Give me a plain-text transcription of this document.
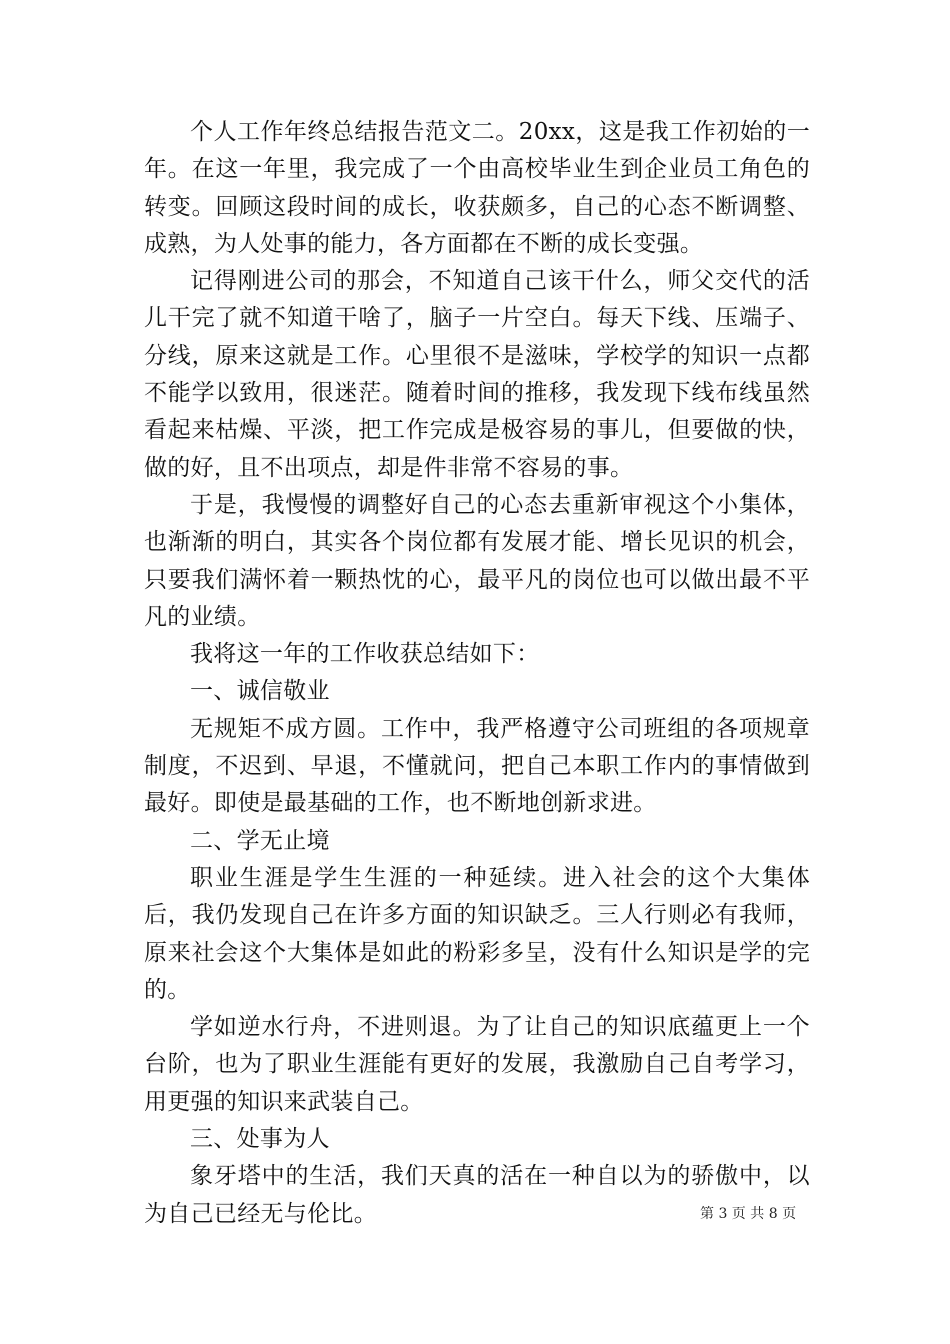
个人工作年终总结报告范文二。20xx，这是我工作初始的一年。在这一年里，我完成了一个由高校毕业生到企业员工角色的转变。回顾这段时间的成长，收获颇多，自己的心态不断调整、成熟，为人处事的能力，各方面都在不断的成长变强。

记得刚进公司的那会，不知道自己该干什么，师父交代的活儿干完了就不知道干啥了，脑子一片空白。每天下线、压端子、分线，原来这就是工作。心里很不是滋味，学校学的知识一点都不能学以致用，很迷茫。随着时间的推移，我发现下线布线虽然看起来枯燥、平淡，把工作完成是极容易的事儿，但要做的快，做的好，且不出项点，却是件非常不容易的事。

于是，我慢慢的调整好自己的心态去重新审视这个小集体，也渐渐的明白，其实各个岗位都有发展才能、增长见识的机会，只要我们满怀着一颗热忱的心，最平凡的岗位也可以做出最不平凡的业绩。

我将这一年的工作收获总结如下：

一、诚信敬业

无规矩不成方圆。工作中，我严格遵守公司班组的各项规章制度，不迟到、早退，不懂就问，把自己本职工作内的事情做到最好。即使是最基础的工作，也不断地创新求进。

二、学无止境

职业生涯是学生生涯的一种延续。进入社会的这个大集体后，我仍发现自己在许多方面的知识缺乏。三人行则必有我师，原来社会这个大集体是如此的粉彩多呈，没有什么知识是学的完的。

学如逆水行舟，不进则退。为了让自己的知识底蕴更上一个台阶，也为了职业生涯能有更好的发展，我激励自己自考学习，用更强的知识来武装自己。

三、处事为人

象牙塔中的生活，我们天真的活在一种自以为的骄傲中，以为自己已经无与伦比。	第 3 页 共 8 页
